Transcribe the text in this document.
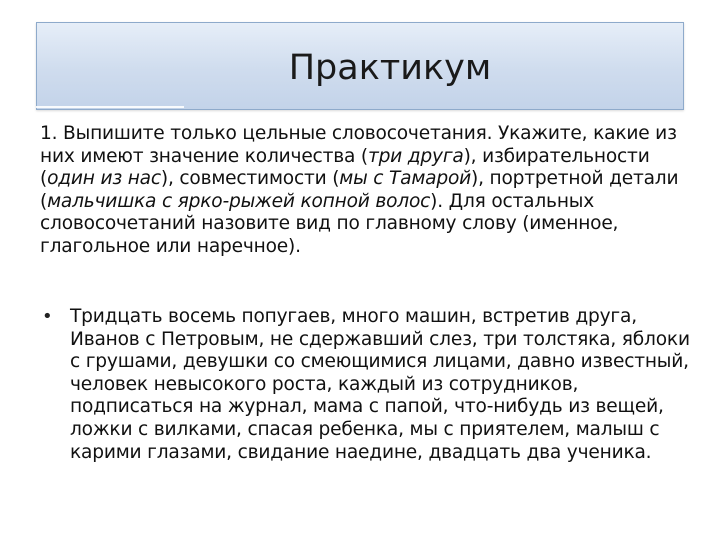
Практикум

1. Выпишите только цельные словосочетания. Укажите, какие из них имеют значение количества (три друга), избирательности (один из нас), совместимости (мы с Тамарой), портретной детали (мальчишка с ярко-рыжей копной волос). Для остальных словосочетаний назовите вид по главному слову (именное, глагольное или наречное).

• Тридцать восемь попугаев, много машин, встретив друга, Иванов с Петровым, не сдержавший слез, три толстяка, яблоки с грушами, девушки со смеющимися лицами, давно известный, человек невысокого роста, каждый из сотрудников, подписаться на журнал, мама с папой, что-нибудь из вещей, ложки с вилками, спасая ребенка, мы с приятелем, малыш с карими глазами, свидание наедине, двадцать два ученика.
